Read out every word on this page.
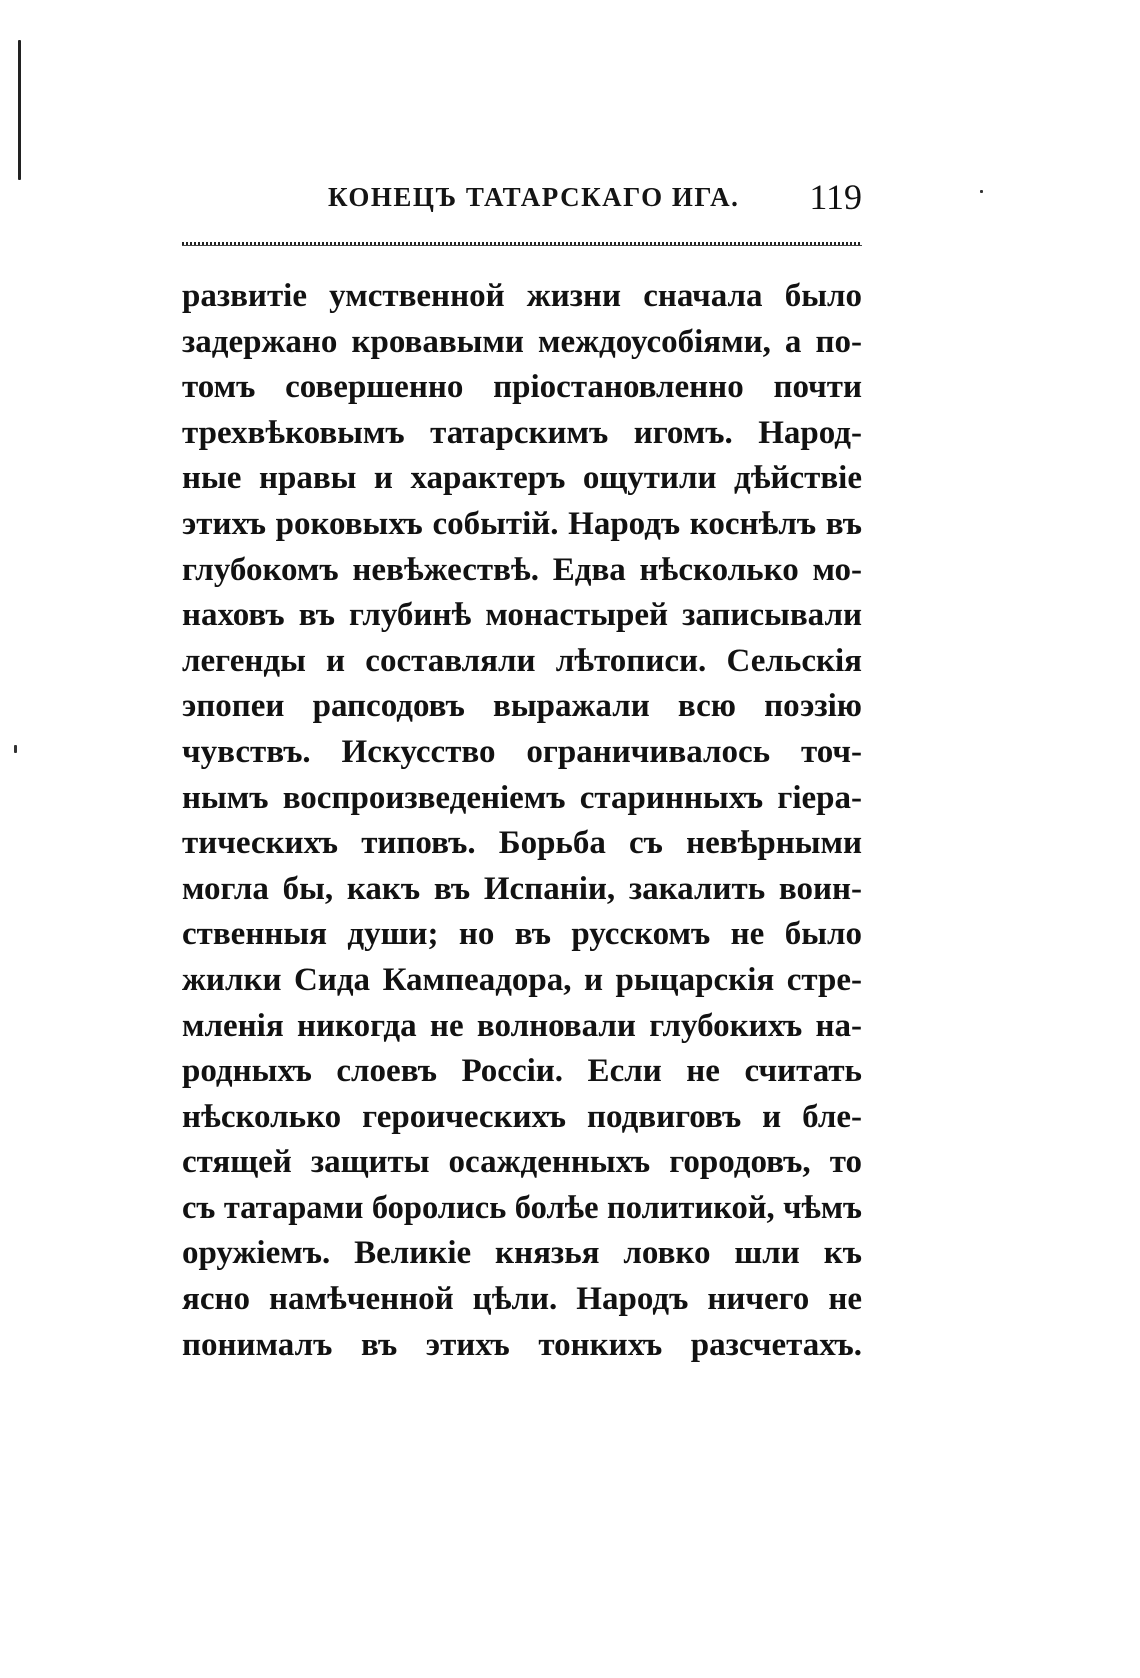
КОНЕЦЪ ТАТАРСКАГО ИГА. 119
развитіе умственной жизни сначала было
задержано кровавыми междоусобіями, а по-
томъ совершенно пріостановленно почти
трехвѣковымъ татарскимъ игомъ. Народ-
ные нравы и характеръ ощутили дѣйствіе
этихъ роковыхъ событій. Народъ коснѣлъ въ
глубокомъ невѣжествѣ. Едва нѣсколько мо-
наховъ въ глубинѣ монастырей записывали
легенды и составляли лѣтописи. Сельскія
эпопеи рапсодовъ выражали всю поэзію
чувствъ. Искусство ограничивалось точ-
нымъ воспроизведеніемъ старинныхъ гіера-
тическихъ типовъ. Борьба съ невѣрными
могла бы, какъ въ Испаніи, закалить воин-
ственныя души; но въ русскомъ не было
жилки Сида Кампеадора, и рыцарскія стре-
мленія никогда не волновали глубокихъ на-
родныхъ слоевъ Россіи. Если не считать
нѣсколько героическихъ подвиговъ и бле-
стящей защиты осажденныхъ городовъ, то
съ татарами боролись болѣе политикой, чѣмъ
оружіемъ. Великіе князья ловко шли къ
ясно намѣченной цѣли. Народъ ничего не
понималъ въ этихъ тонкихъ разсчетахъ.
